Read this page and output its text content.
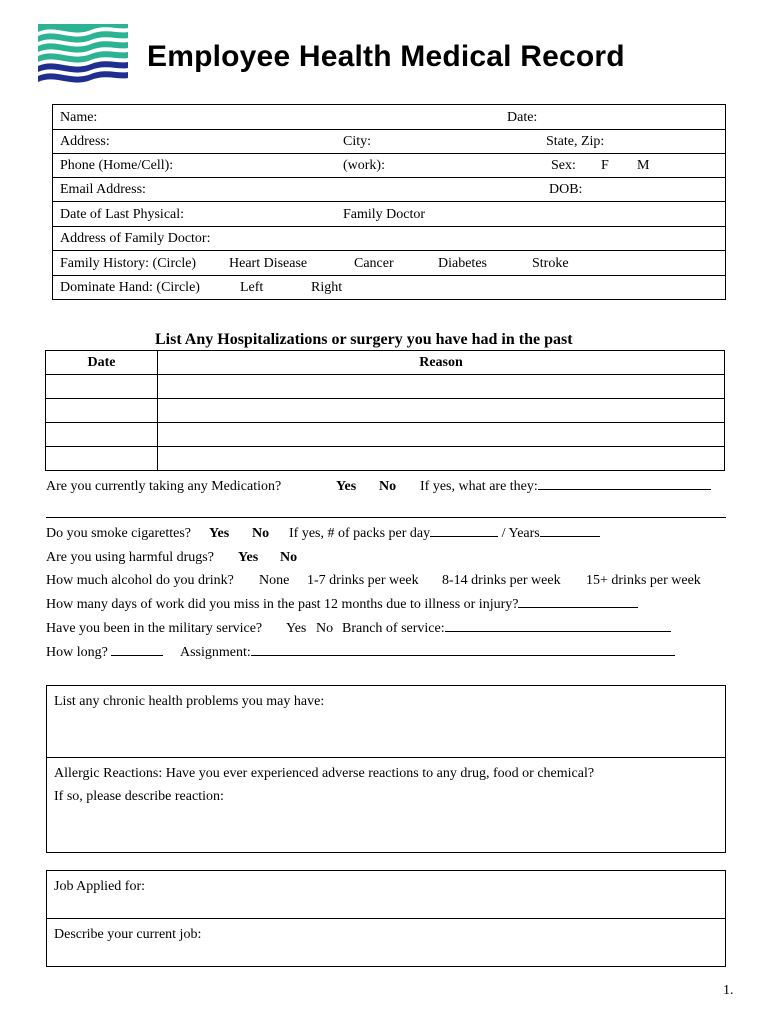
Employee Health Medical Record
Name:	Date:
Address:	City:	State, Zip:
Phone (Home/Cell):	(work):	Sex: F M
Email Address:	DOB:
Date of Last Physical:	Family Doctor
Address of Family Doctor:
Family History: (Circle) Heart Disease	Cancer	Diabetes	Stroke
Dominate Hand: (Circle)	Left	Right
List Any Hospitalizations or surgery you have had in the past
Date	Reason

Are you currently taking any Medication?	Yes No If yes, what are they:
Do you smoke cigarettes? Yes No If yes, # of packs per day	/ Years
Are you using harmful drugs? Yes No
How much alcohol do you drink? None 1-7 drinks per week 8-14 drinks per week 15+ drinks per week
How many days of work did you miss in the past 12 months due to illness or injury?
Have you been in the military service? Yes No Branch of service:
How long?	Assignment:
List any chronic health problems you may have:
Allergic Reactions: Have you ever experienced adverse reactions to any drug, food or chemical?
If so, please describe reaction:
Job Applied for:
Describe your current job:
1.
